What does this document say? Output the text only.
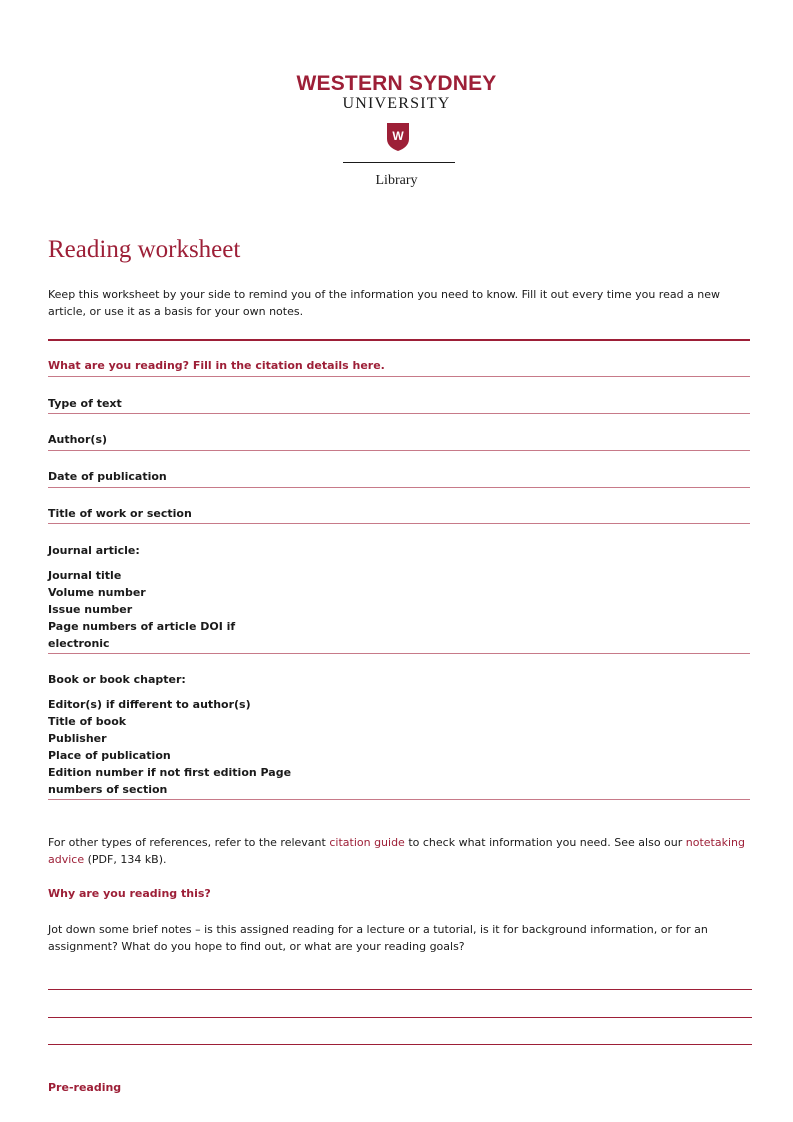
WESTERN SYDNEY
UNIVERSITY
W
Library
Reading worksheet
Keep this worksheet by your side to remind you of the information you need to know. Fill it out every time you read a new article, or use it as a basis for your own notes.
What are you reading? Fill in the citation details here.
Type of text
Author(s)
Date of publication
Title of work or section
Journal article:
Journal title
Volume number
Issue number
Page numbers of article DOI if
electronic
Book or book chapter:
Editor(s) if different to author(s)
Title of book
Publisher
Place of publication
Edition number if not first edition Page
numbers of section
For other types of references, refer to the relevant citation guide to check what information you need. See also our notetaking advice (PDF, 134 kB).
Why are you reading this?
Jot down some brief notes – is this assigned reading for a lecture or a tutorial, is it for background information, or for an assignment? What do you hope to find out, or what are your reading goals?
Pre-reading
